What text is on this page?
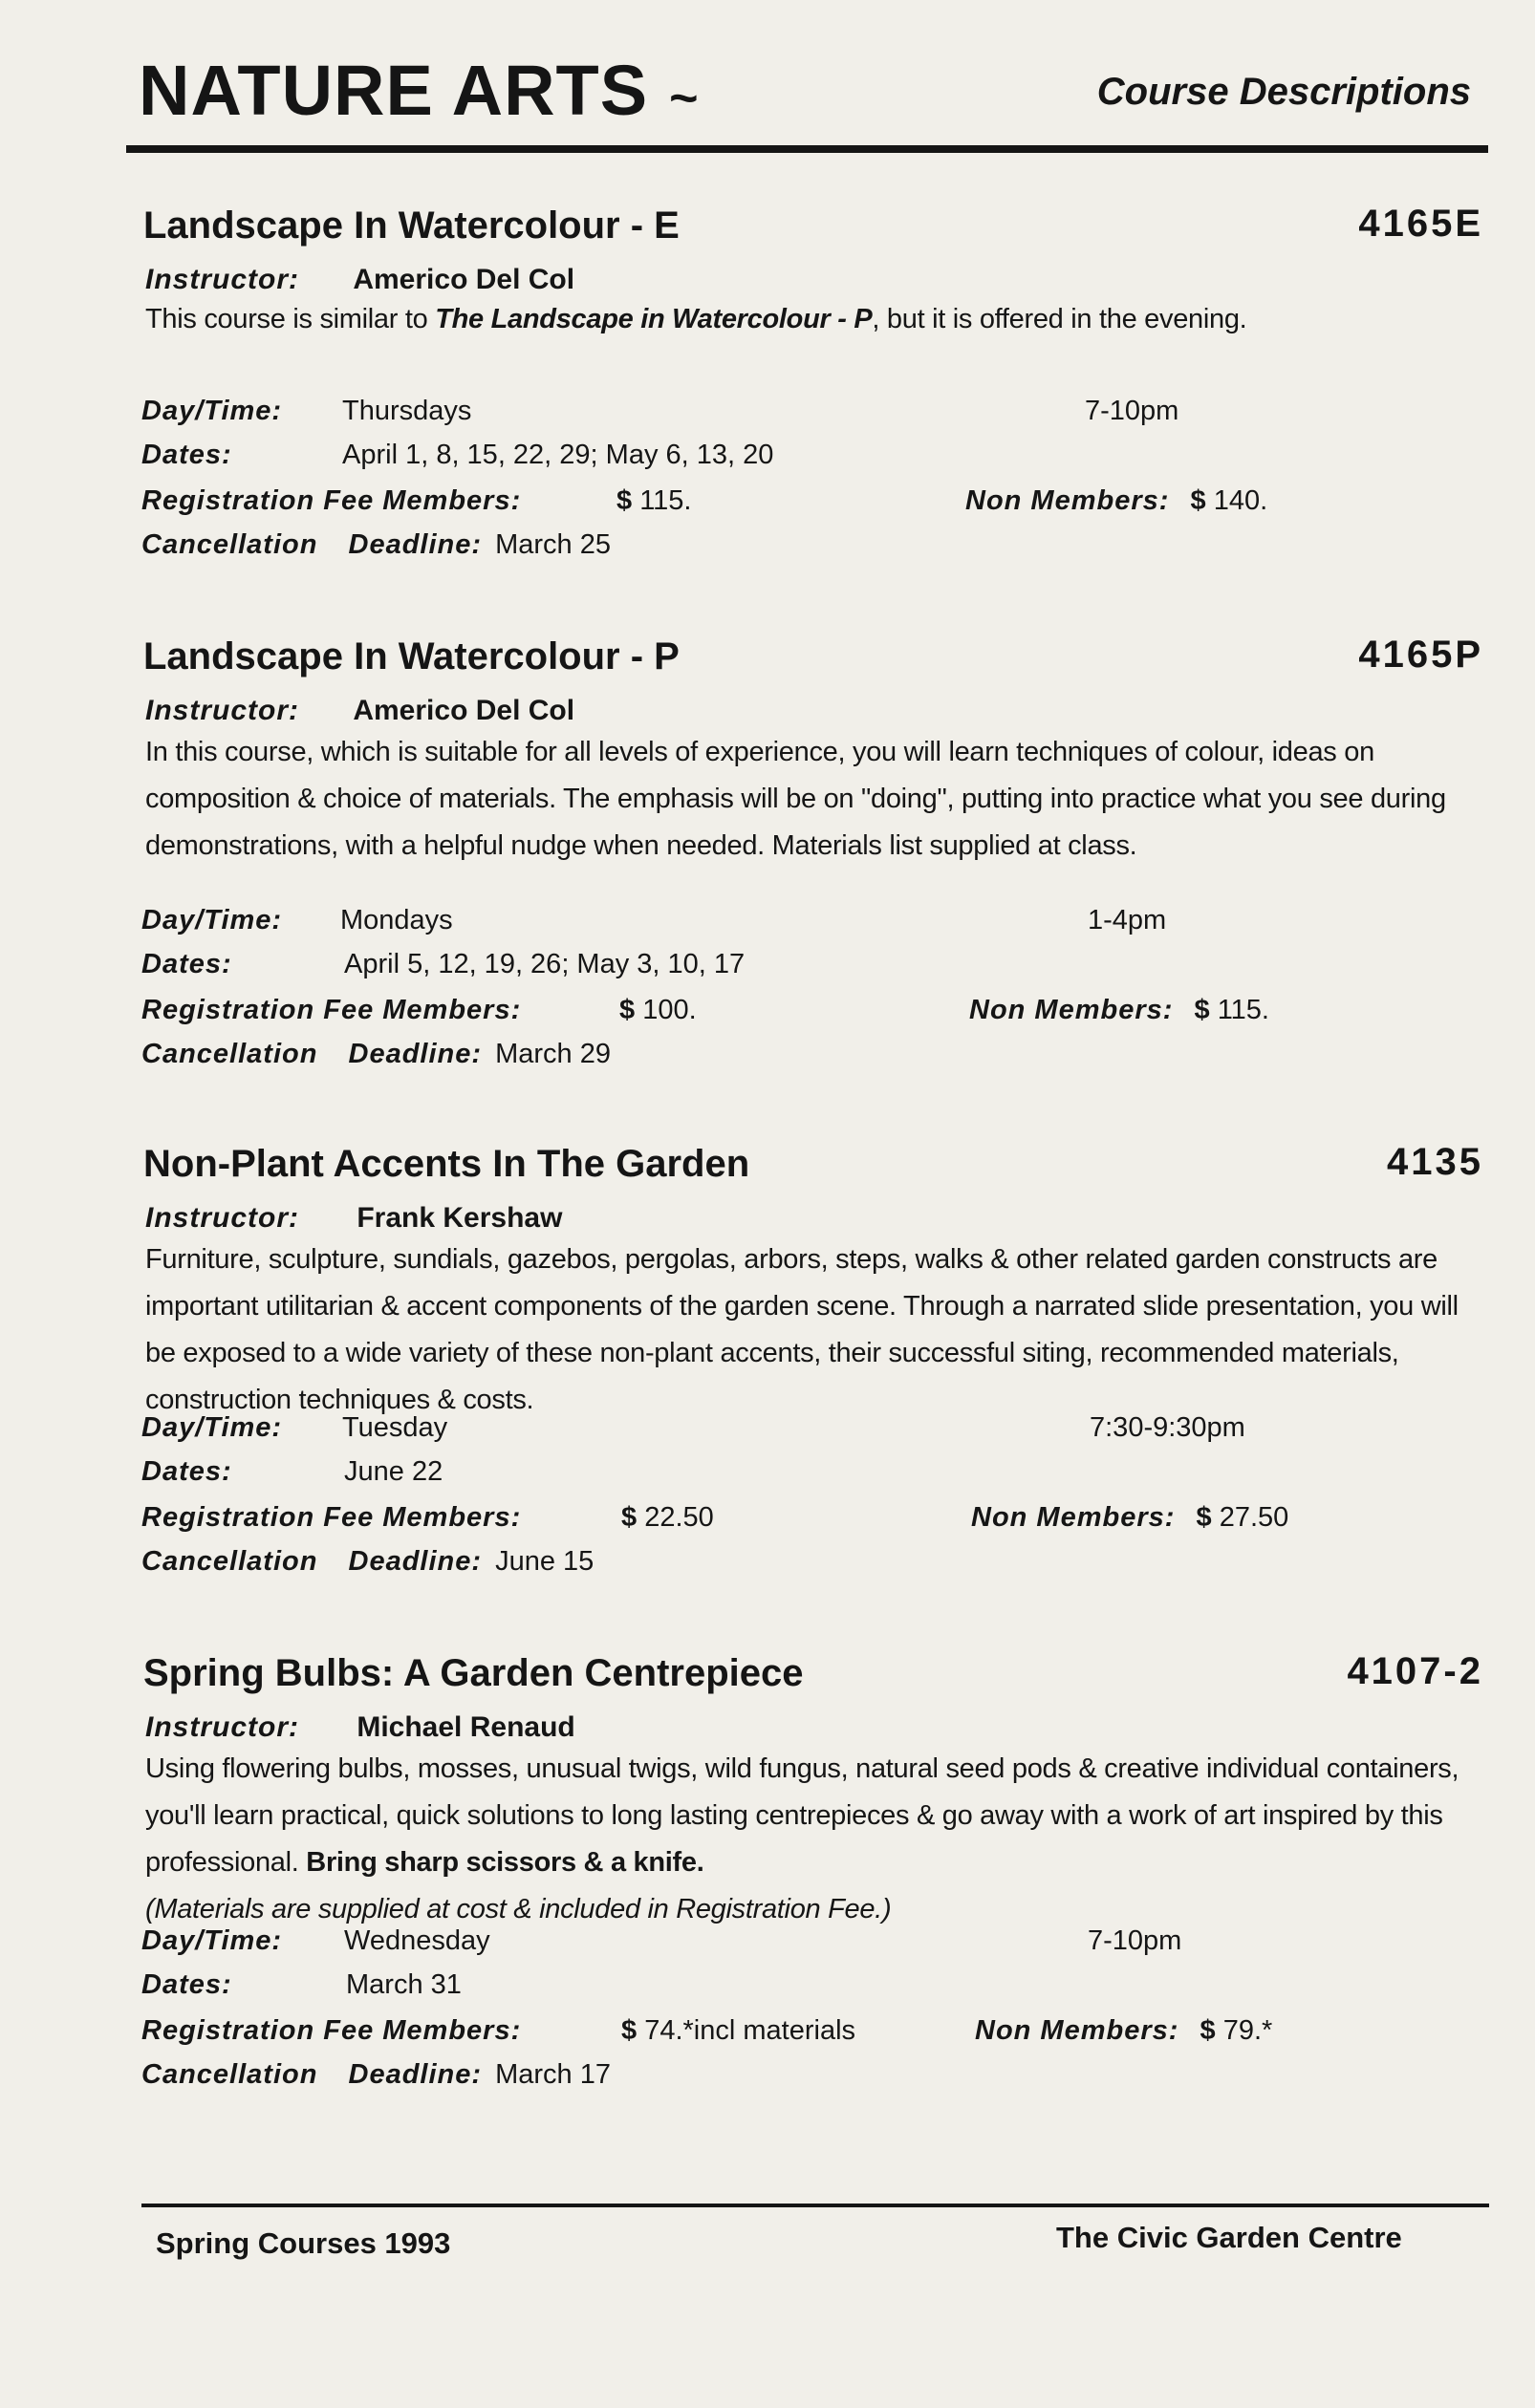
NATURE ARTS ~	Course Descriptions
Landscape In Watercolour - E	4165E
Instructor: Americo Del Col

This course is similar to The Landscape in Watercolour - P, but it is offered in the evening.

Day/Time: Thursdays	7-10pm
Dates:	April 1, 8, 15, 22, 29; May 6, 13, 20
Registration Fee Members:	$ 115.	Non Members: $ 140.
Cancellation Deadline: March 25
Landscape In Watercolour - P	4165P
Instructor: Americo Del Col

In this course, which is suitable for all levels of experience, you will learn techniques of colour, ideas on composition & choice of materials. The emphasis will be on "doing", putting into practice what you see during demonstrations, with a helpful nudge when needed. Materials list supplied at class.

Day/Time: Mondays	1-4pm
Dates:	April 5, 12, 19, 26; May 3, 10, 17
Registration Fee Members:	$ 100.	Non Members: $ 115.
Cancellation Deadline: March 29
Non-Plant Accents In The Garden	4135
Instructor: Frank Kershaw

Furniture, sculpture, sundials, gazebos, pergolas, arbors, steps, walks & other related garden constructs are important utilitarian & accent components of the garden scene. Through a narrated slide presentation, you will be exposed to a wide variety of these non-plant accents, their successful siting, recommended materials, construction techniques & costs.

Day/Time: Tuesday	7:30-9:30pm
Dates:	June 22
Registration Fee Members:	$ 22.50	Non Members: $ 27.50
Cancellation Deadline: June 15
Spring Bulbs: A Garden Centrepiece	4107-2
Instructor: Michael Renaud

Using flowering bulbs, mosses, unusual twigs, wild fungus, natural seed pods & creative individual containers, you'll learn practical, quick solutions to long lasting centrepieces & go away with a work of art inspired by this professional. Bring sharp scissors & a knife.
(Materials are supplied at cost & included in Registration Fee.)

Day/Time: Wednesday	7-10pm
Dates:	March 31
Registration Fee Members:	$ 74.*incl materials	Non Members: $ 79.*
Cancellation Deadline: March 17
Spring Courses 1993	The Civic Garden Centre
